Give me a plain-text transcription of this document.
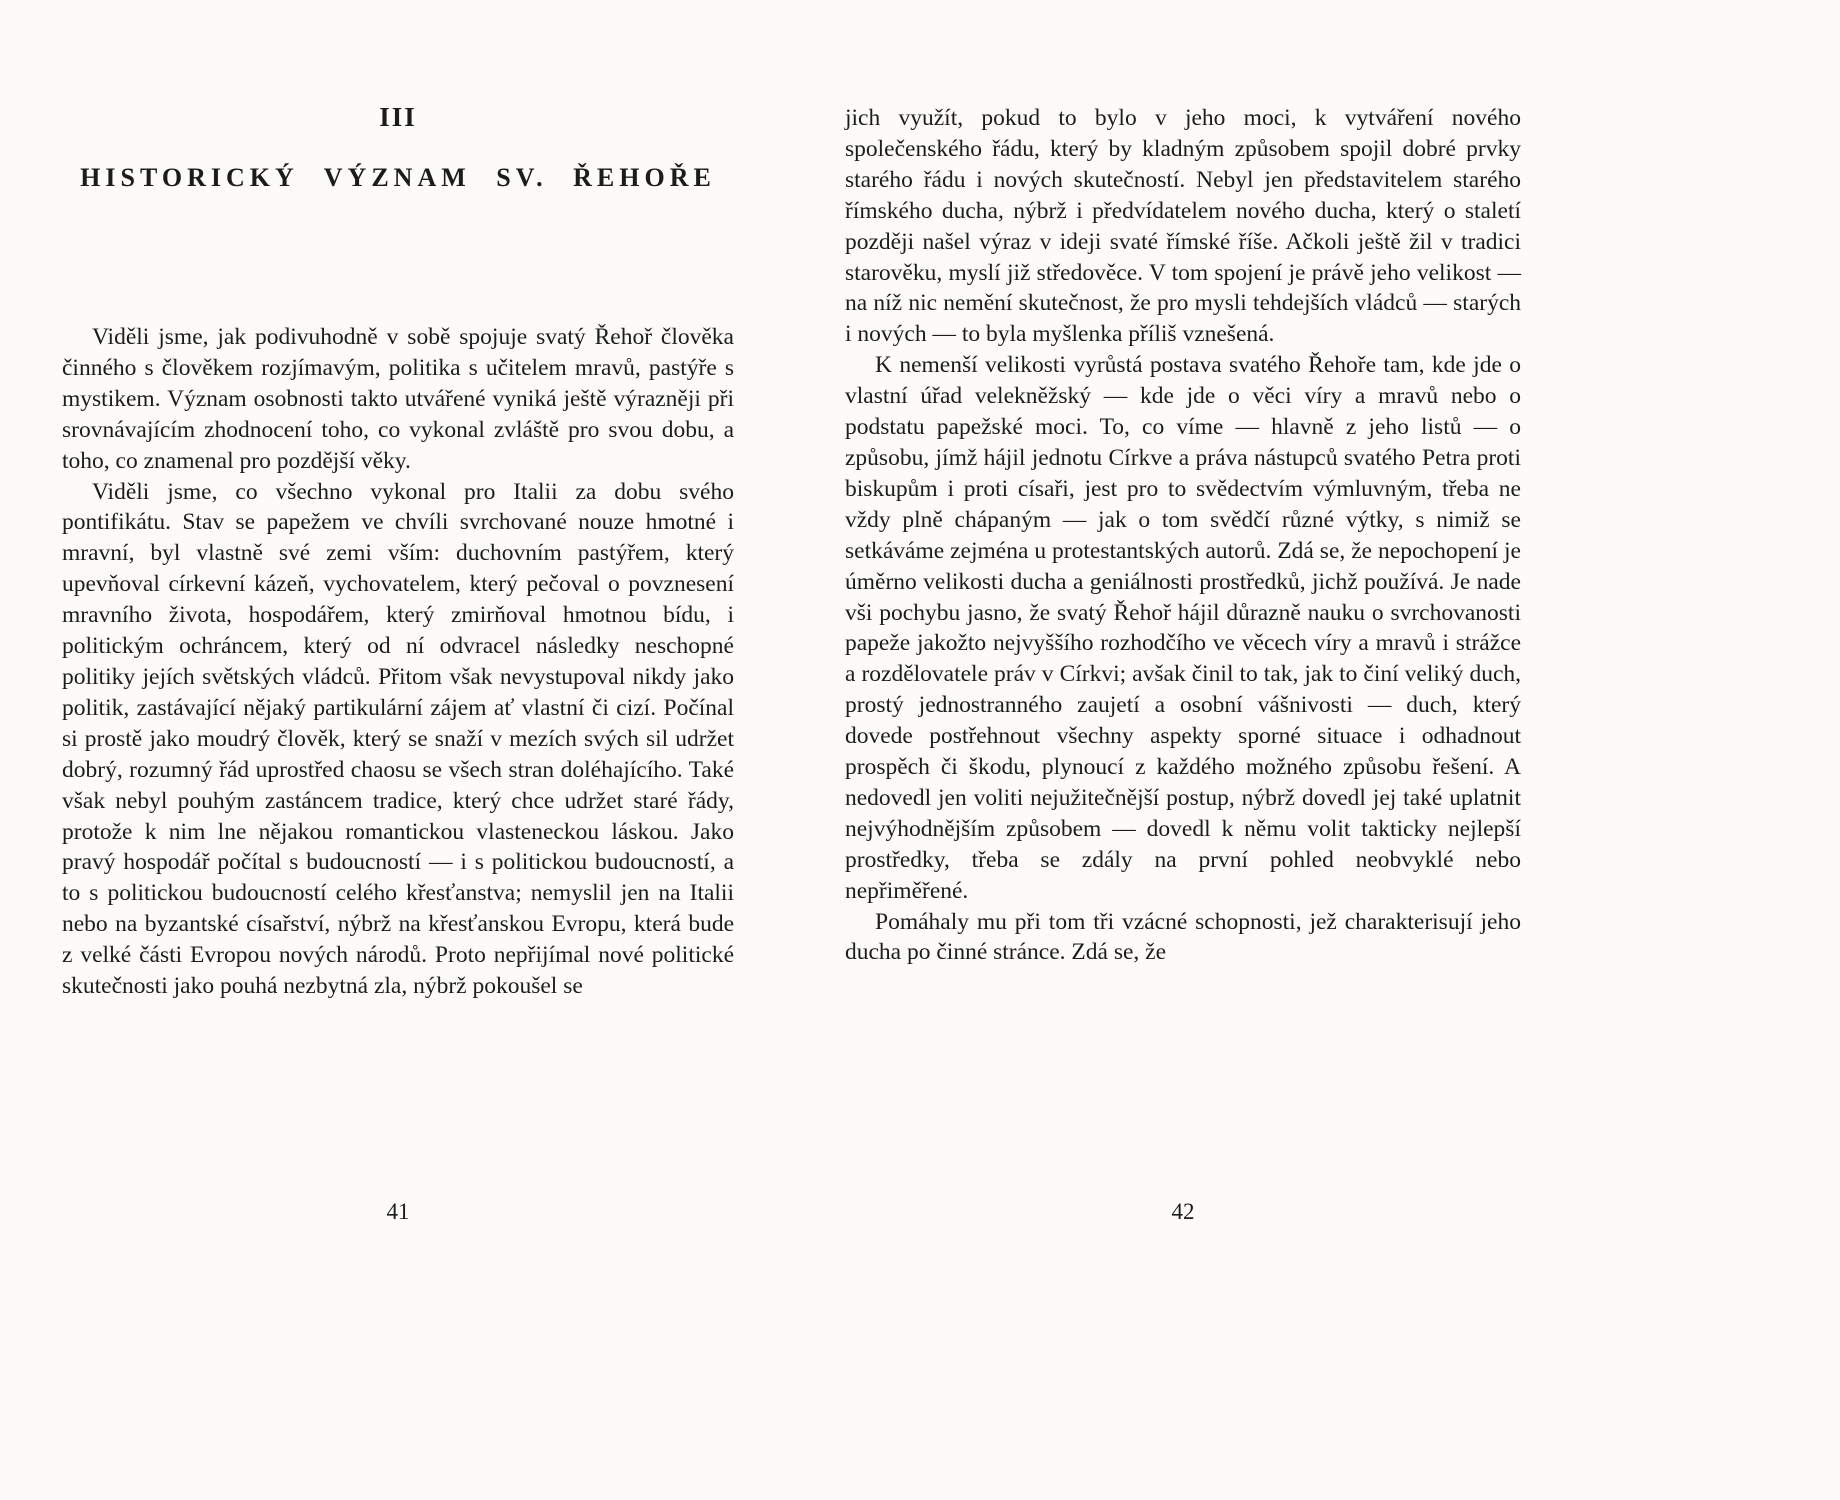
III
HISTORICKÝ VÝZNAM SV. ŘEHOŘE

Viděli jsme, jak podivuhodně v sobě spojuje svatý Řehoř člověka činného s člověkem rozjímavým, politika s učitelem mravů, pastýře s mystikem. Význam osobnosti takto utvářené vyniká ještě výrazněji při srovnávajícím zhodnocení toho, co vykonal zvláště pro svou dobu, a toho, co znamenal pro pozdější věky.

Viděli jsme, co všechno vykonal pro Italii za dobu svého pontifikátu. Stav se papežem ve chvíli svrchované nouze hmotné i mravní, byl vlastně své zemi vším: duchovním pastýřem, který upevňoval církevní kázeň, vychovatelem, který pečoval o povznesení mravního života, hospodářem, který zmirňoval hmotnou bídu, i politickým ochráncem, který od ní odvracel následky neschopné politiky jejích světských vládců. Přitom však nevystupoval nikdy jako politik, zastávající nějaký partikulární zájem ať vlastní či cizí. Počínal si prostě jako moudrý člověk, který se snaží v mezích svých sil udržet dobrý, rozumný řád uprostřed chaosu se všech stran doléhajícího. Také však nebyl pouhým zastáncem tradice, který chce udržet staré řády, protože k nim lne nějakou romantickou vlasteneckou láskou. Jako pravý hospodář počítal s budoucností — i s politickou budoucností, a to s politickou budoucností celého křesťanstva; nemyslil jen na Italii nebo na byzantské císařství, nýbrž na křesťanskou Evropu, která bude z velké části Evropou nových národů. Proto nepřijímal nové politické skutečnosti jako pouhá nezbytná zla, nýbrž pokoušel se

41

jich využít, pokud to bylo v jeho moci, k vytváření nového společenského řádu, který by kladným způsobem spojil dobré prvky starého řádu i nových skutečností. Nebyl jen představitelem starého římského ducha, nýbrž i předvídatelem nového ducha, který o staletí později našel výraz v ideji svaté římské říše. Ačkoli ještě žil v tradici starověku, myslí již středověce. V tom spojení je právě jeho velikost — na níž nic nemění skutečnost, že pro mysli tehdejších vládců — starých i nových — to byla myšlenka příliš vznešená.

K nemenší velikosti vyrůstá postava svatého Řehoře tam, kde jde o vlastní úřad velekněžský — kde jde o věci víry a mravů nebo o podstatu papežské moci. To, co víme — hlavně z jeho listů — o způsobu, jímž hájil jednotu Církve a práva nástupců svatého Petra proti biskupům i proti císaři, jest pro to svědectvím výmluvným, třeba ne vždy plně chápaným — jak o tom svědčí různé výtky, s nimiž se setkáváme zejména u protestantských autorů. Zdá se, že nepochopení je úměrno velikosti ducha a geniálnosti prostředků, jichž používá. Je nade vši pochybu jasno, že svatý Řehoř hájil důrazně nauku o svrchovanosti papeže jakožto nejvyššího rozhodčího ve věcech víry a mravů i strážce a rozdělovatele práv v Církvi; avšak činil to tak, jak to činí veliký duch, prostý jednostranného zaujetí a osobní vášnivosti — duch, který dovede postřehnout všechny aspekty sporné situace i odhadnout prospěch či škodu, plynoucí z každého možného způsobu řešení. A nedovedl jen voliti nejužitečnější postup, nýbrž dovedl jej také uplatnit nejvýhodnějším způsobem — dovedl k němu volit takticky nejlepší prostředky, třeba se zdály na první pohled neobvyklé nebo nepřiměřené.

Pomáhaly mu při tom tři vzácné schopnosti, jež charakterisují jeho ducha po činné stránce. Zdá se, že

42
